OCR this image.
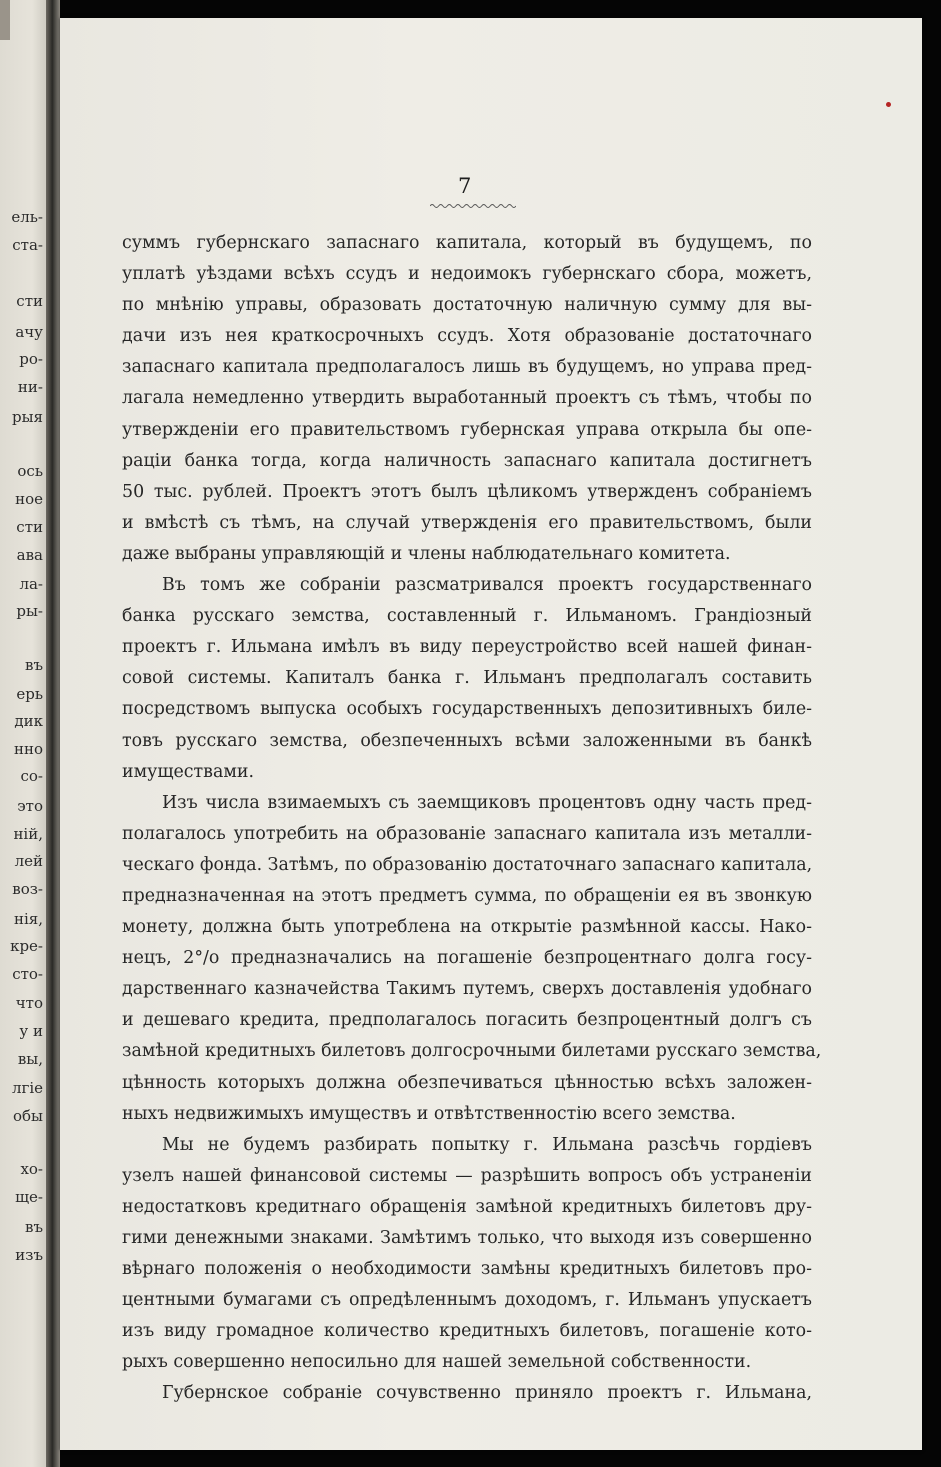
ель-
ста-
сти
ачу
ро-
ни-
рыя
ось
ное
сти
ава
ла-
ры-
въ
ерь
дик
нно
со-
это
ній,
лей
воз-
нія,
кре-
сто-
что
у и
вы,
лгіе
обы
хо-
ще-
въ
изъ
7
суммъ губернскаго запаснаго капитала, который въ будущемъ, по
уплатѣ уѣздами всѣхъ ссудъ и недоимокъ губернскаго сбора, можетъ,
по мнѣнію управы, образовать достаточную наличную сумму для вы-
дачи изъ нея краткосрочныхъ ссудъ. Хотя образованіе достаточнаго
запаснаго капитала предполагалосъ лишь въ будущемъ, но управа пред-
лагала немедленно утвердить выработанный проектъ съ тѣмъ, чтобы по
утвержденіи его правительствомъ губернская управа открыла бы опе-
раціи банка тогда, когда наличность запаснаго капитала достигнетъ
50 тыс. рублей. Проектъ этотъ былъ цѣликомъ утвержденъ собраніемъ
и вмѣстѣ съ тѣмъ, на случай утвержденія его правительствомъ, были
даже выбраны управляющій и члены наблюдательнаго комитета.
Въ томъ же собраніи разсматривался проектъ государственнаго
банка русскаго земства, составленный г. Ильманомъ. Грандіозный
проектъ г. Ильмана имѣлъ въ виду переустройство всей нашей финан-
совой системы. Капиталъ банка г. Ильманъ предполагалъ составить
посредствомъ выпуска особыхъ государственныхъ депозитивныхъ биле-
товъ русскаго земства, обезпеченныхъ всѣми заложенными въ банкѣ
имуществами.
Изъ числа взимаемыхъ съ заемщиковъ процентовъ одну часть пред-
полагалось употребить на образованіе запаснаго капитала изъ металли-
ческаго фонда. Затѣмъ, по образованію достаточнаго запаснаго капитала,
предназначенная на этотъ предметъ сумма, по обращеніи ея въ звонкую
монету, должна быть употреблена на открытіе размѣнной кассы. Нако-
нецъ, 2°/о предназначались на погашеніе безпроцентнаго долга госу-
дарственнаго казначейства Такимъ путемъ, сверхъ доставленія удобнаго
и дешеваго кредита, предполагалось погасить безпроцентный долгъ съ
замѣной кредитныхъ билетовъ долгосрочными билетами русскаго земства,
цѣнность которыхъ должна обезпечиваться цѣнностью всѣхъ заложен-
ныхъ недвижимыхъ имуществъ и отвѣтственностію всего земства.
Мы не будемъ разбирать попытку г. Ильмана разсѣчь гордіевъ
узелъ нашей финансовой системы — разрѣшить вопросъ объ устраненіи
недостатковъ кредитнаго обращенія замѣной кредитныхъ билетовъ дру-
гими денежными знаками. Замѣтимъ только, что выходя изъ совершенно
вѣрнаго положенія о необходимости замѣны кредитныхъ билетовъ про-
центными бумагами съ опредѣленнымъ доходомъ, г. Ильманъ упускаетъ
изъ виду громадное количество кредитныхъ билетовъ, погашеніе кото-
рыхъ совершенно непосильно для нашей земельной собственности.
Губернское собраніе сочувственно приняло проектъ г. Ильмана,
